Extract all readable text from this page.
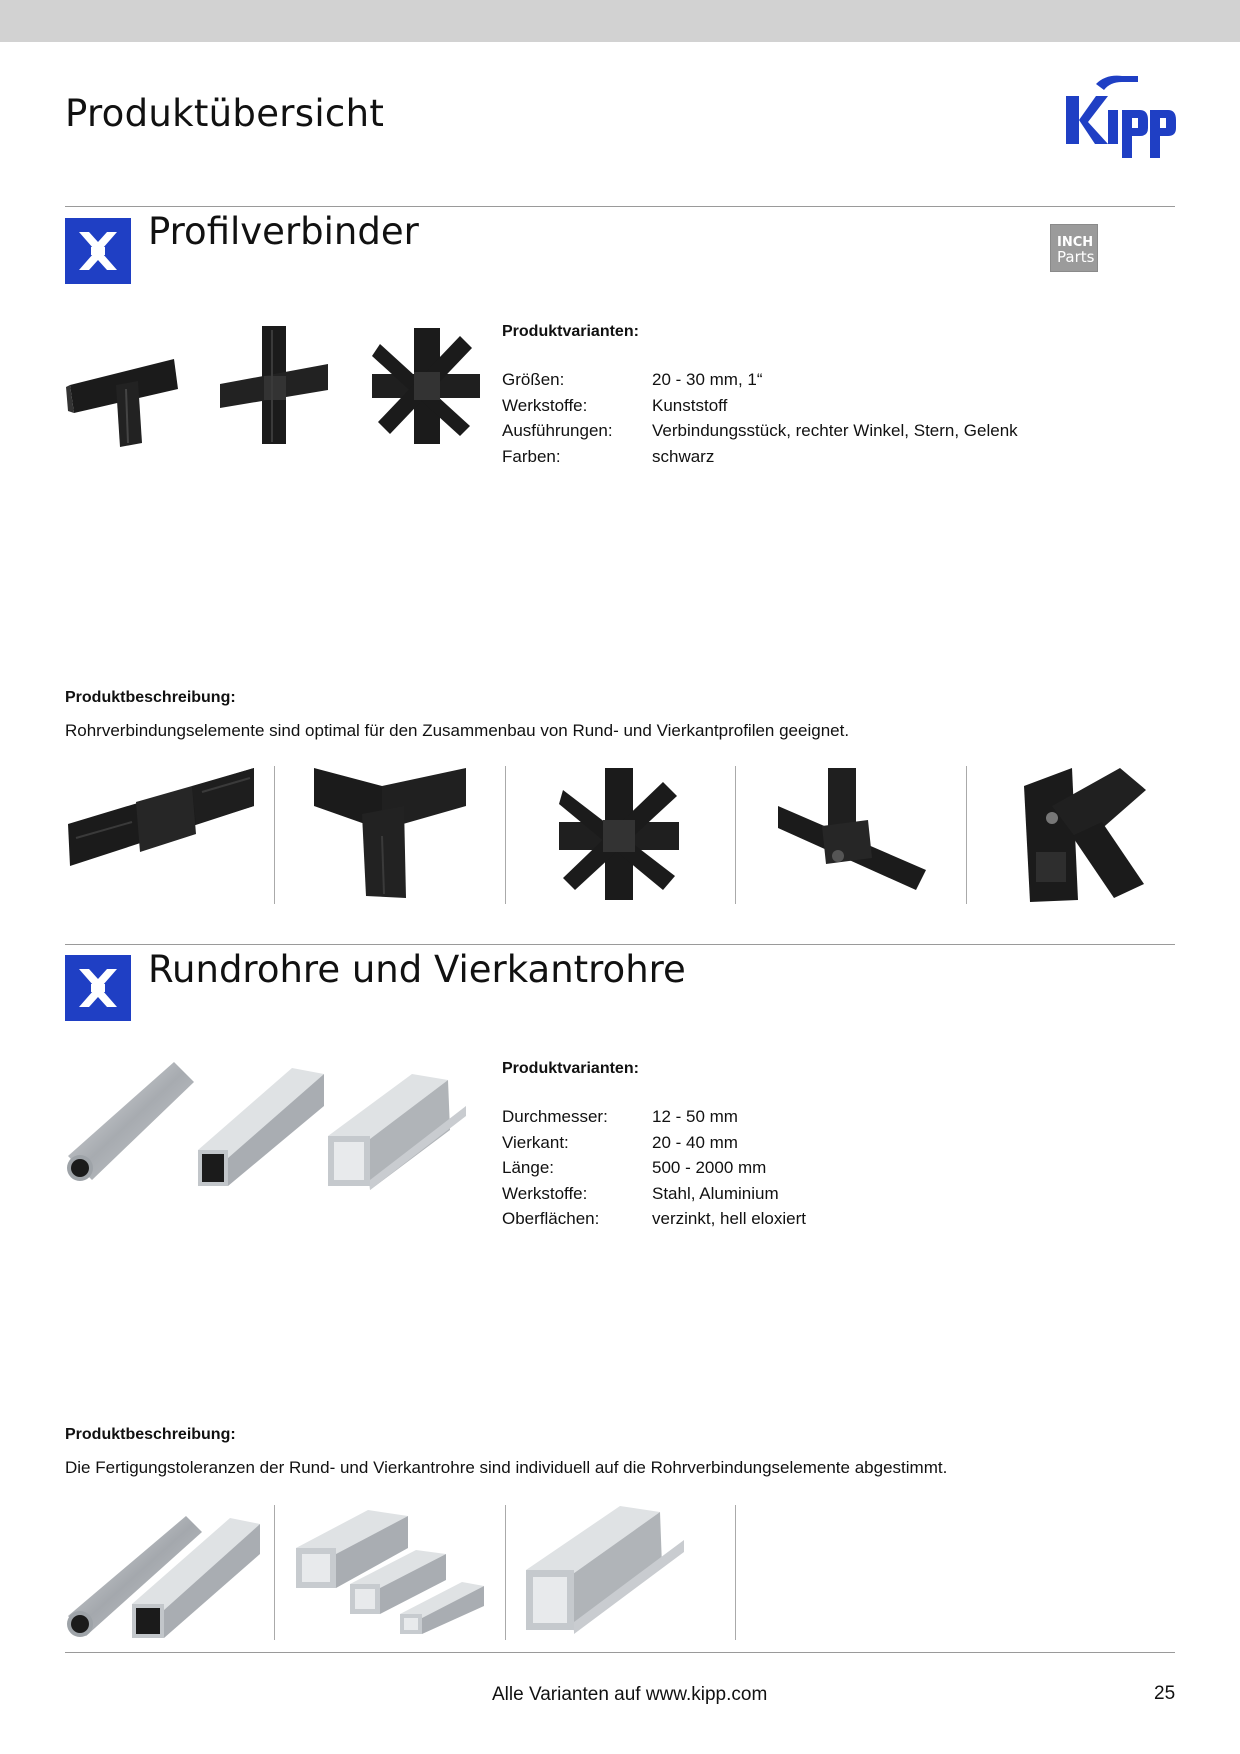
Produktübersicht
Profilverbinder	INCH
Parts
Produktvarianten:
Größen:	20 - 30 mm, 1“
Werkstoffe:	Kunststoff
Ausführungen:	Verbindungsstück, rechter Winkel, Stern, Gelenk
Farben:	schwarz
Produktbeschreibung:
Rohrverbindungselemente sind optimal für den Zusammenbau von Rund- und Vierkantprofilen geeignet.
Rundrohre und Vierkantrohre
Produktvarianten:
Durchmesser:	12 - 50 mm
Vierkant:	20 - 40 mm
Länge:	500 - 2000 mm
Werkstoffe:	Stahl, Aluminium
Oberflächen:	verzinkt, hell eloxiert
Produktbeschreibung:
Die Fertigungstoleranzen der Rund- und Vierkantrohre sind individuell auf die Rohrverbindungselemente abgestimmt.
Alle Varianten auf www.kipp.com	25
